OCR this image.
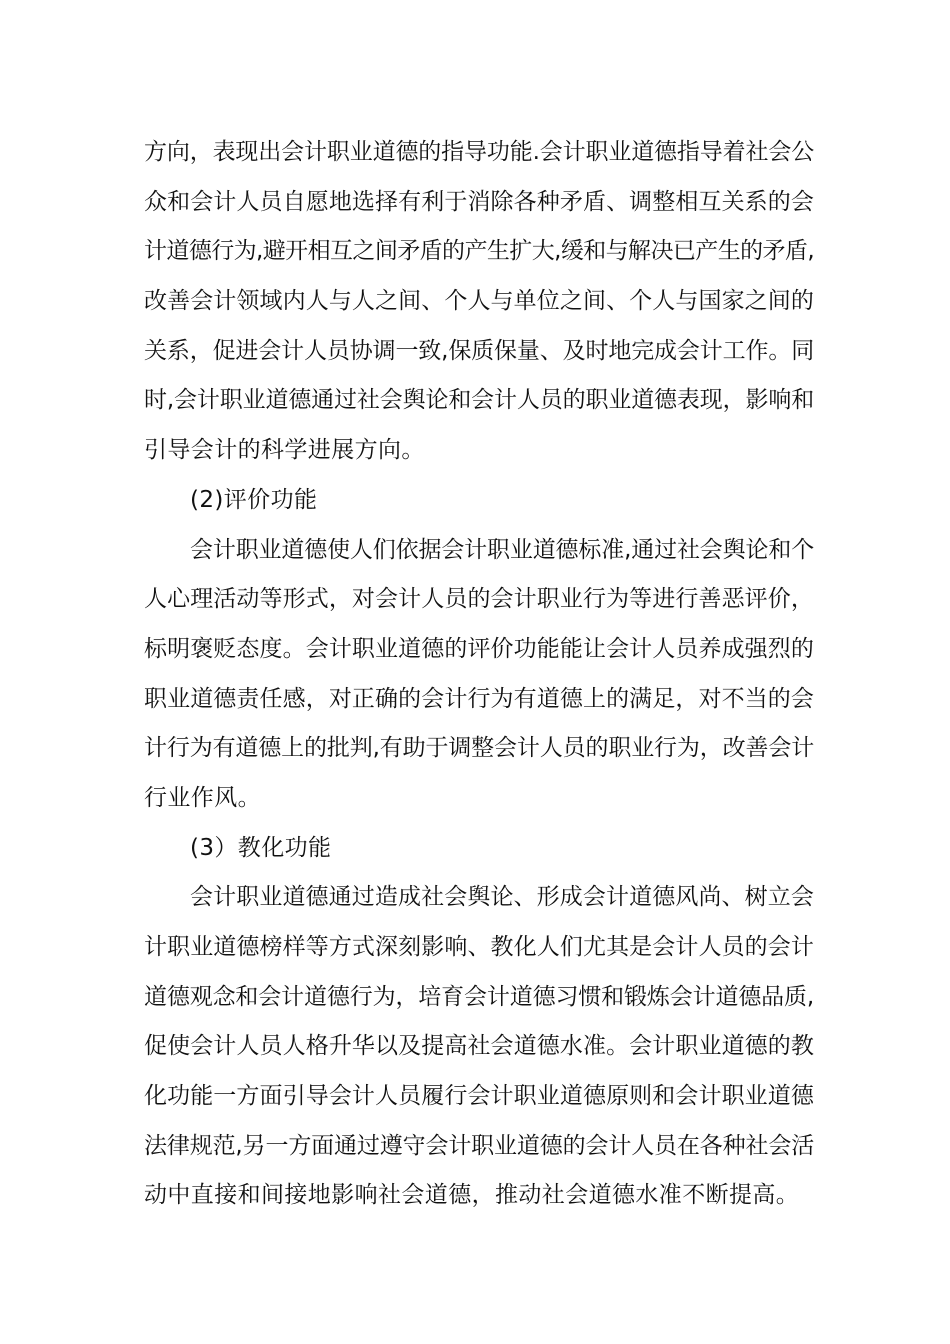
方向，表现出会计职业道德的指导功能.会计职业道德指导着社会公
众和会计人员自愿地选择有利于消除各种矛盾、调整相互关系的会
计道德行为,避开相互之间矛盾的产生扩大,缓和与解决已产生的矛盾,
改善会计领域内人与人之间、个人与单位之间、个人与国家之间的
关系，促进会计人员协调一致,保质保量、及时地完成会计工作。同
时,会计职业道德通过社会舆论和会计人员的职业道德表现，影响和
引导会计的科学进展方向。
(2)评价功能
会计职业道德使人们依据会计职业道德标准,通过社会舆论和个
人心理活动等形式，对会计人员的会计职业行为等进行善恶评价，
标明褒贬态度。会计职业道德的评价功能能让会计人员养成强烈的
职业道德责任感，对正确的会计行为有道德上的满足，对不当的会
计行为有道德上的批判,有助于调整会计人员的职业行为，改善会计
行业作风。
(3）教化功能
会计职业道德通过造成社会舆论、形成会计道德风尚、树立会
计职业道德榜样等方式深刻影响、教化人们尤其是会计人员的会计
道德观念和会计道德行为，培育会计道德习惯和锻炼会计道德品质,
促使会计人员人格升华以及提高社会道德水准。会计职业道德的教
化功能一方面引导会计人员履行会计职业道德原则和会计职业道德
法律规范,另一方面通过遵守会计职业道德的会计人员在各种社会活
动中直接和间接地影响社会道德，推动社会道德水准不断提高。
